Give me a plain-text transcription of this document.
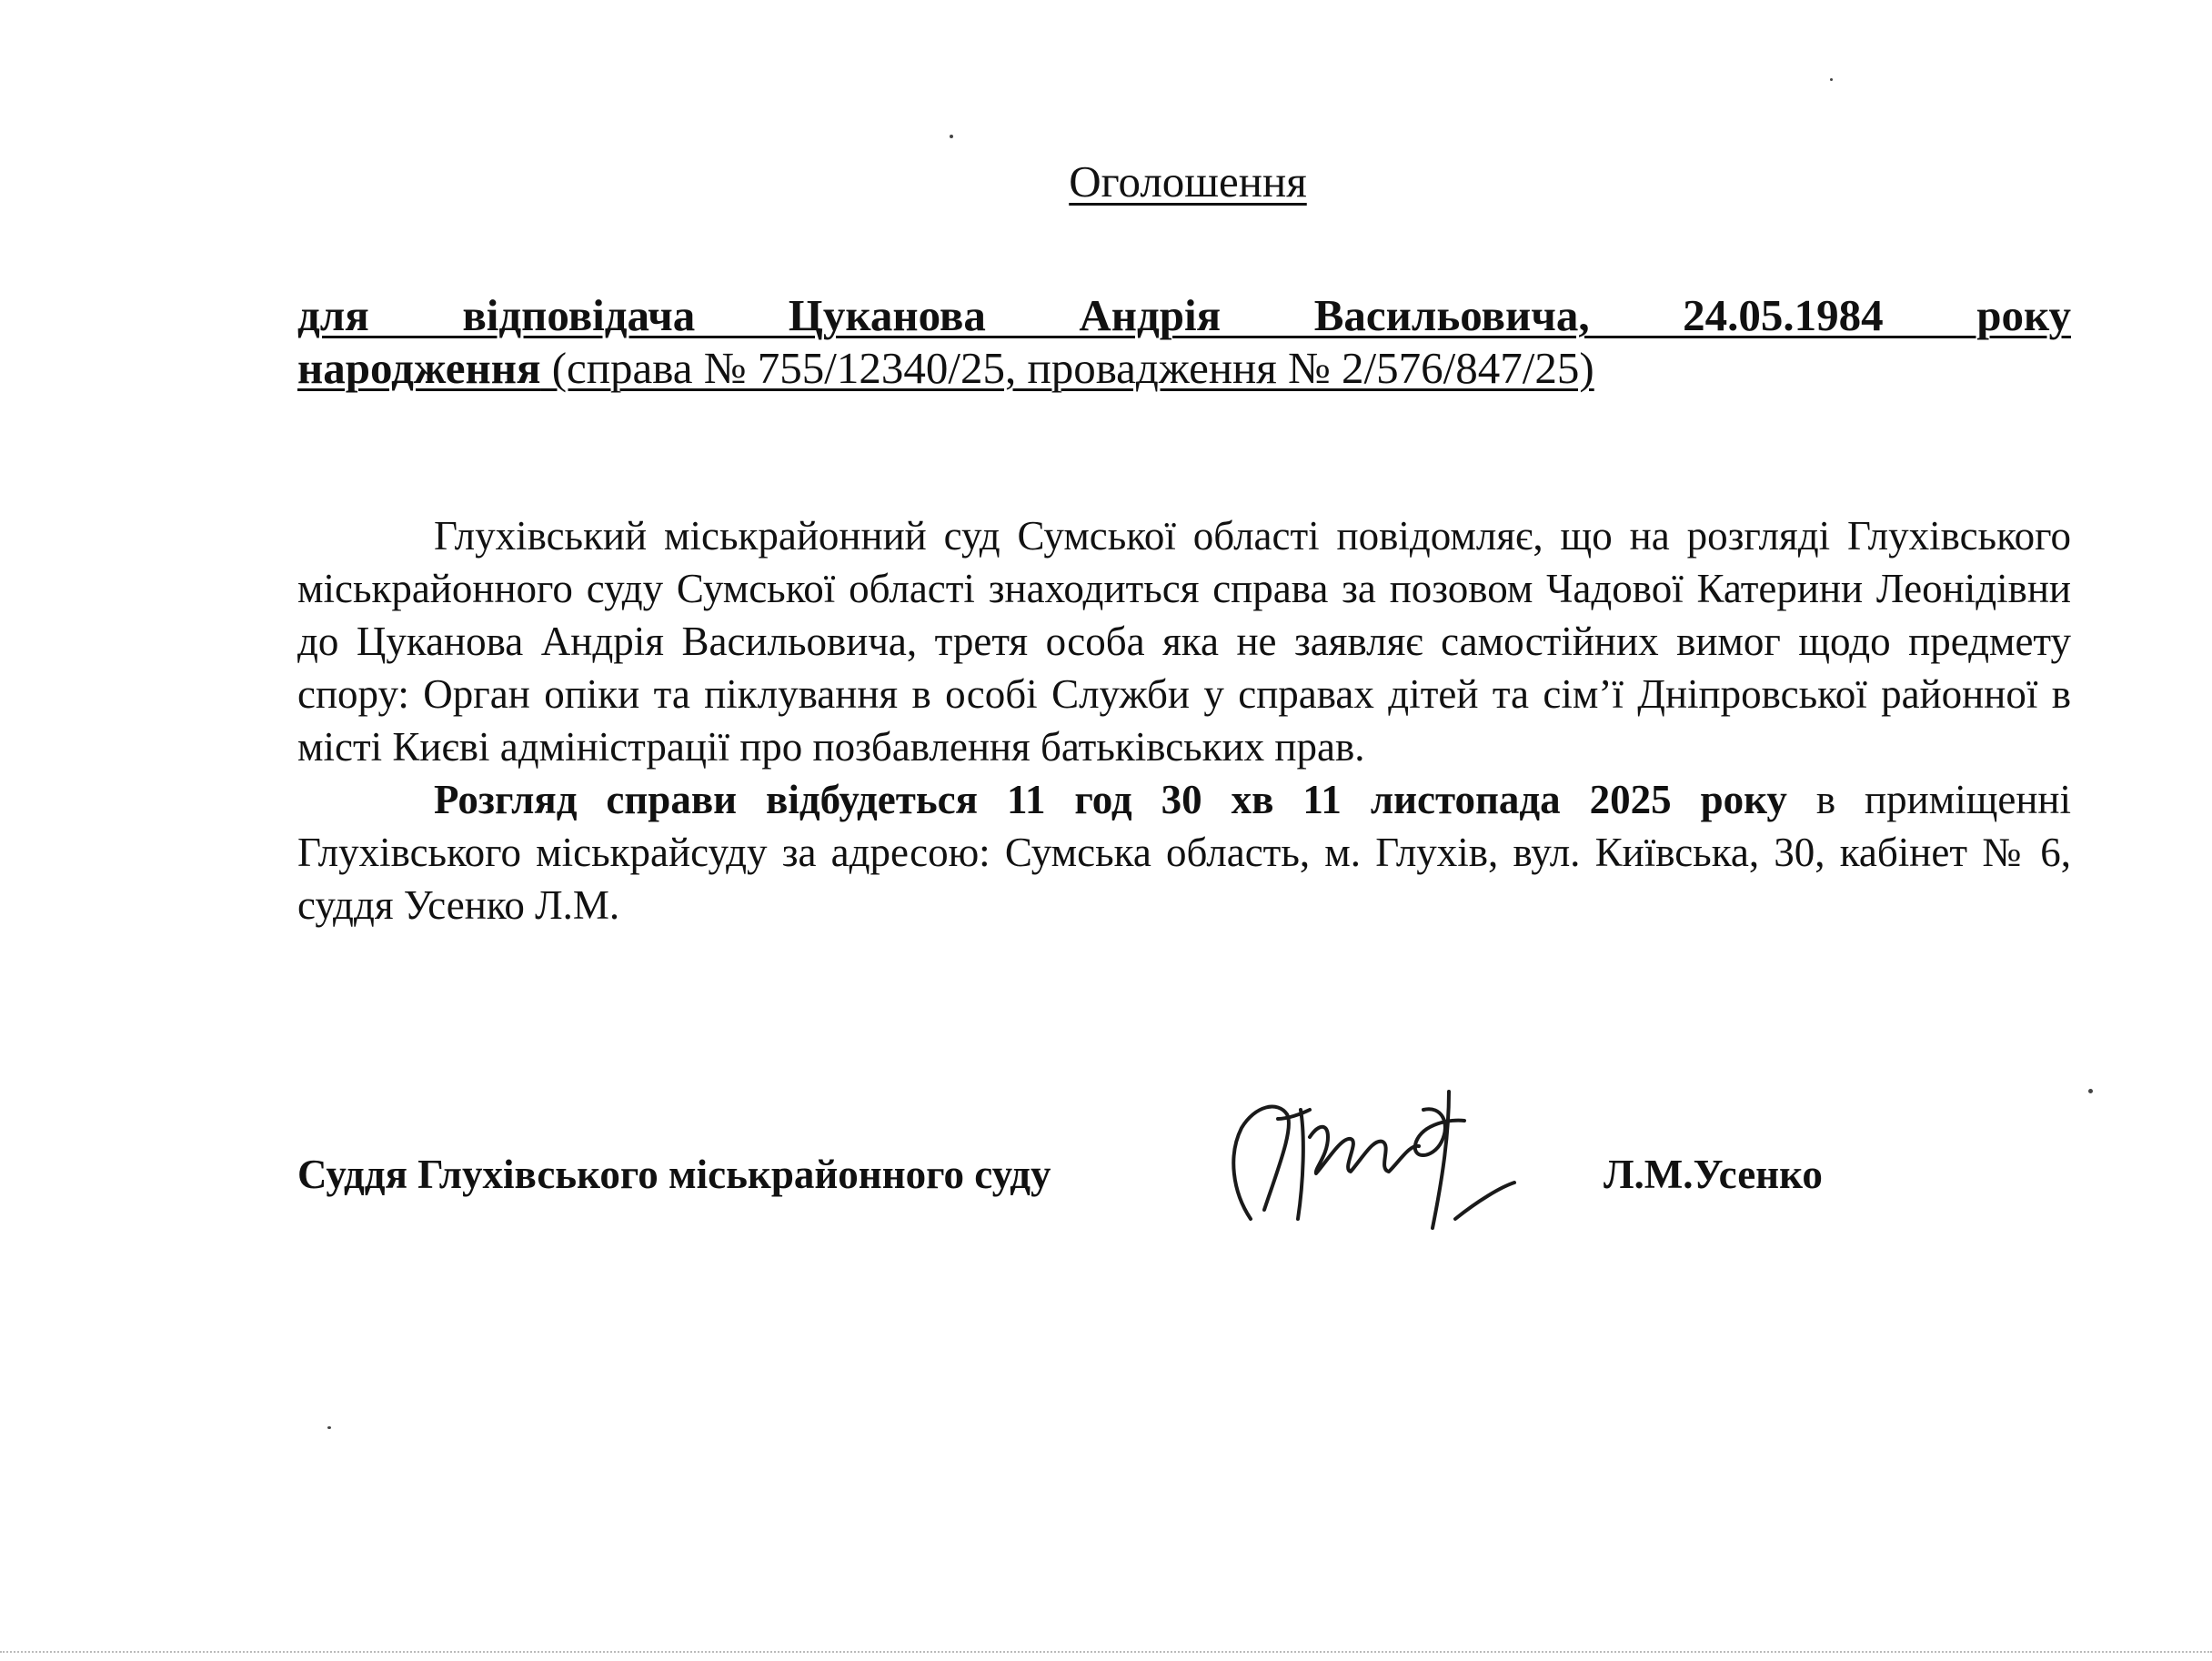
Оголошення
для відповідача Цуканова Андрія Васильовича, 24.05.1984 року
народження (справа № 755/12340/25, провадження № 2/576/847/25)

Глухівський міськрайонний суд Сумської області повідомляє, що на розгляді Глухівського міськрайонного суду Сумської області знаходиться справа за позовом Чадової Катерини Леонідівни до Цуканова Андрія Васильовича, третя особа яка не заявляє самостійних вимог щодо предмету спору: Орган опіки та піклування в особі Служби у справах дітей та сім’ї Дніпровської районної в місті Києві адміністрації про позбавлення батьківських прав.

Розгляд справи відбудеться 11 год 30 хв 11 листопада 2025 року в приміщенні Глухівського міськрайсуду за адресою: Сумська область, м. Глухів, вул. Київська, 30, кабінет № 6, суддя Усенко Л.М.

Суддя Глухівського міськрайонного суду	Л.М.Усенко
